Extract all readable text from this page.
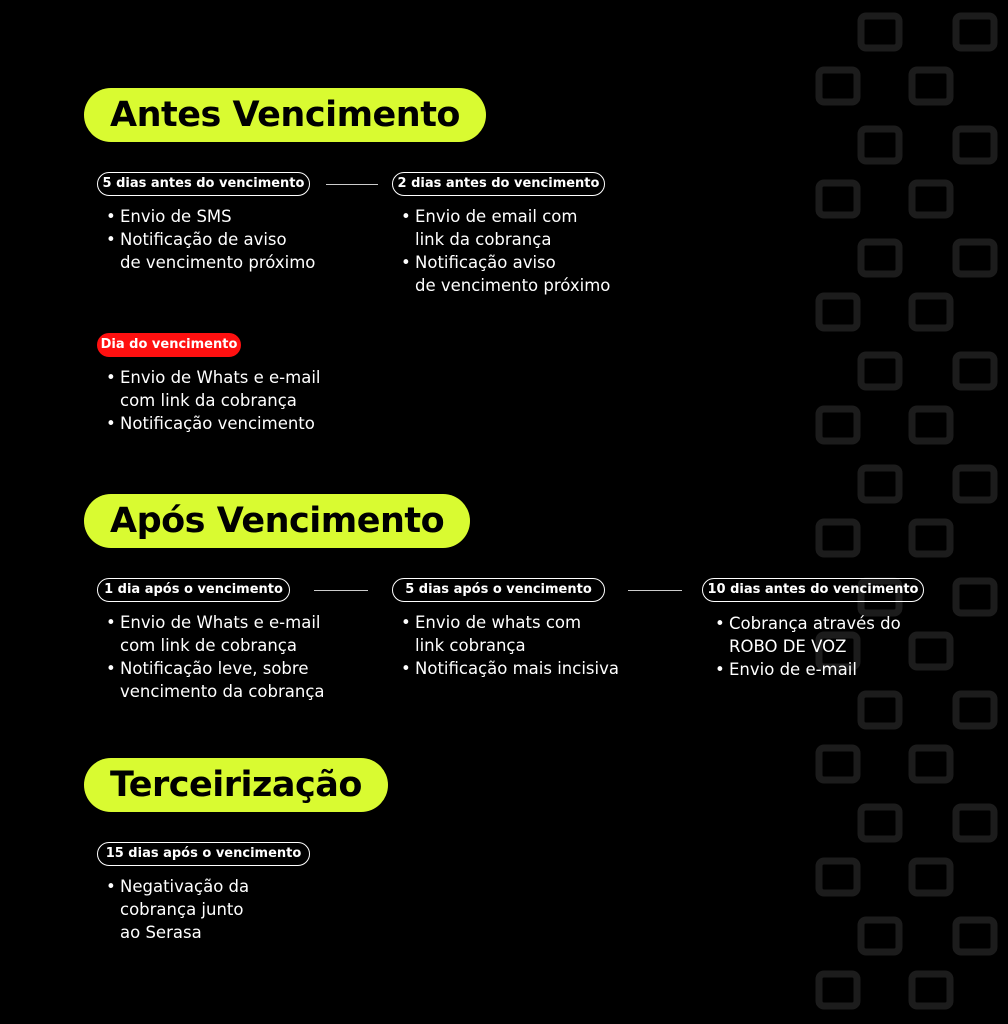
Antes Vencimento
5 dias antes do vencimento	2 dias antes do vencimento
• Envio de SMS
• Notificação de aviso
de vencimento próximo
• Envio de email com
link da cobrança
• Notificação aviso
de vencimento próximo
Dia do vencimento
• Envio de Whats e e-mail
com link da cobrança
• Notificação vencimento
Após Vencimento
1 dia após o vencimento	5 dias após o vencimento	10 dias antes do vencimento
• Envio de Whats e e-mail
com link de cobrança
• Notificação leve, sobre
vencimento da cobrança
• Envio de whats com
link cobrança
• Notificação mais incisiva
• Cobrança através do
ROBO DE VOZ
• Envio de e-mail
Terceirização
15 dias após o vencimento
• Negativação da
cobrança junto
ao Serasa
